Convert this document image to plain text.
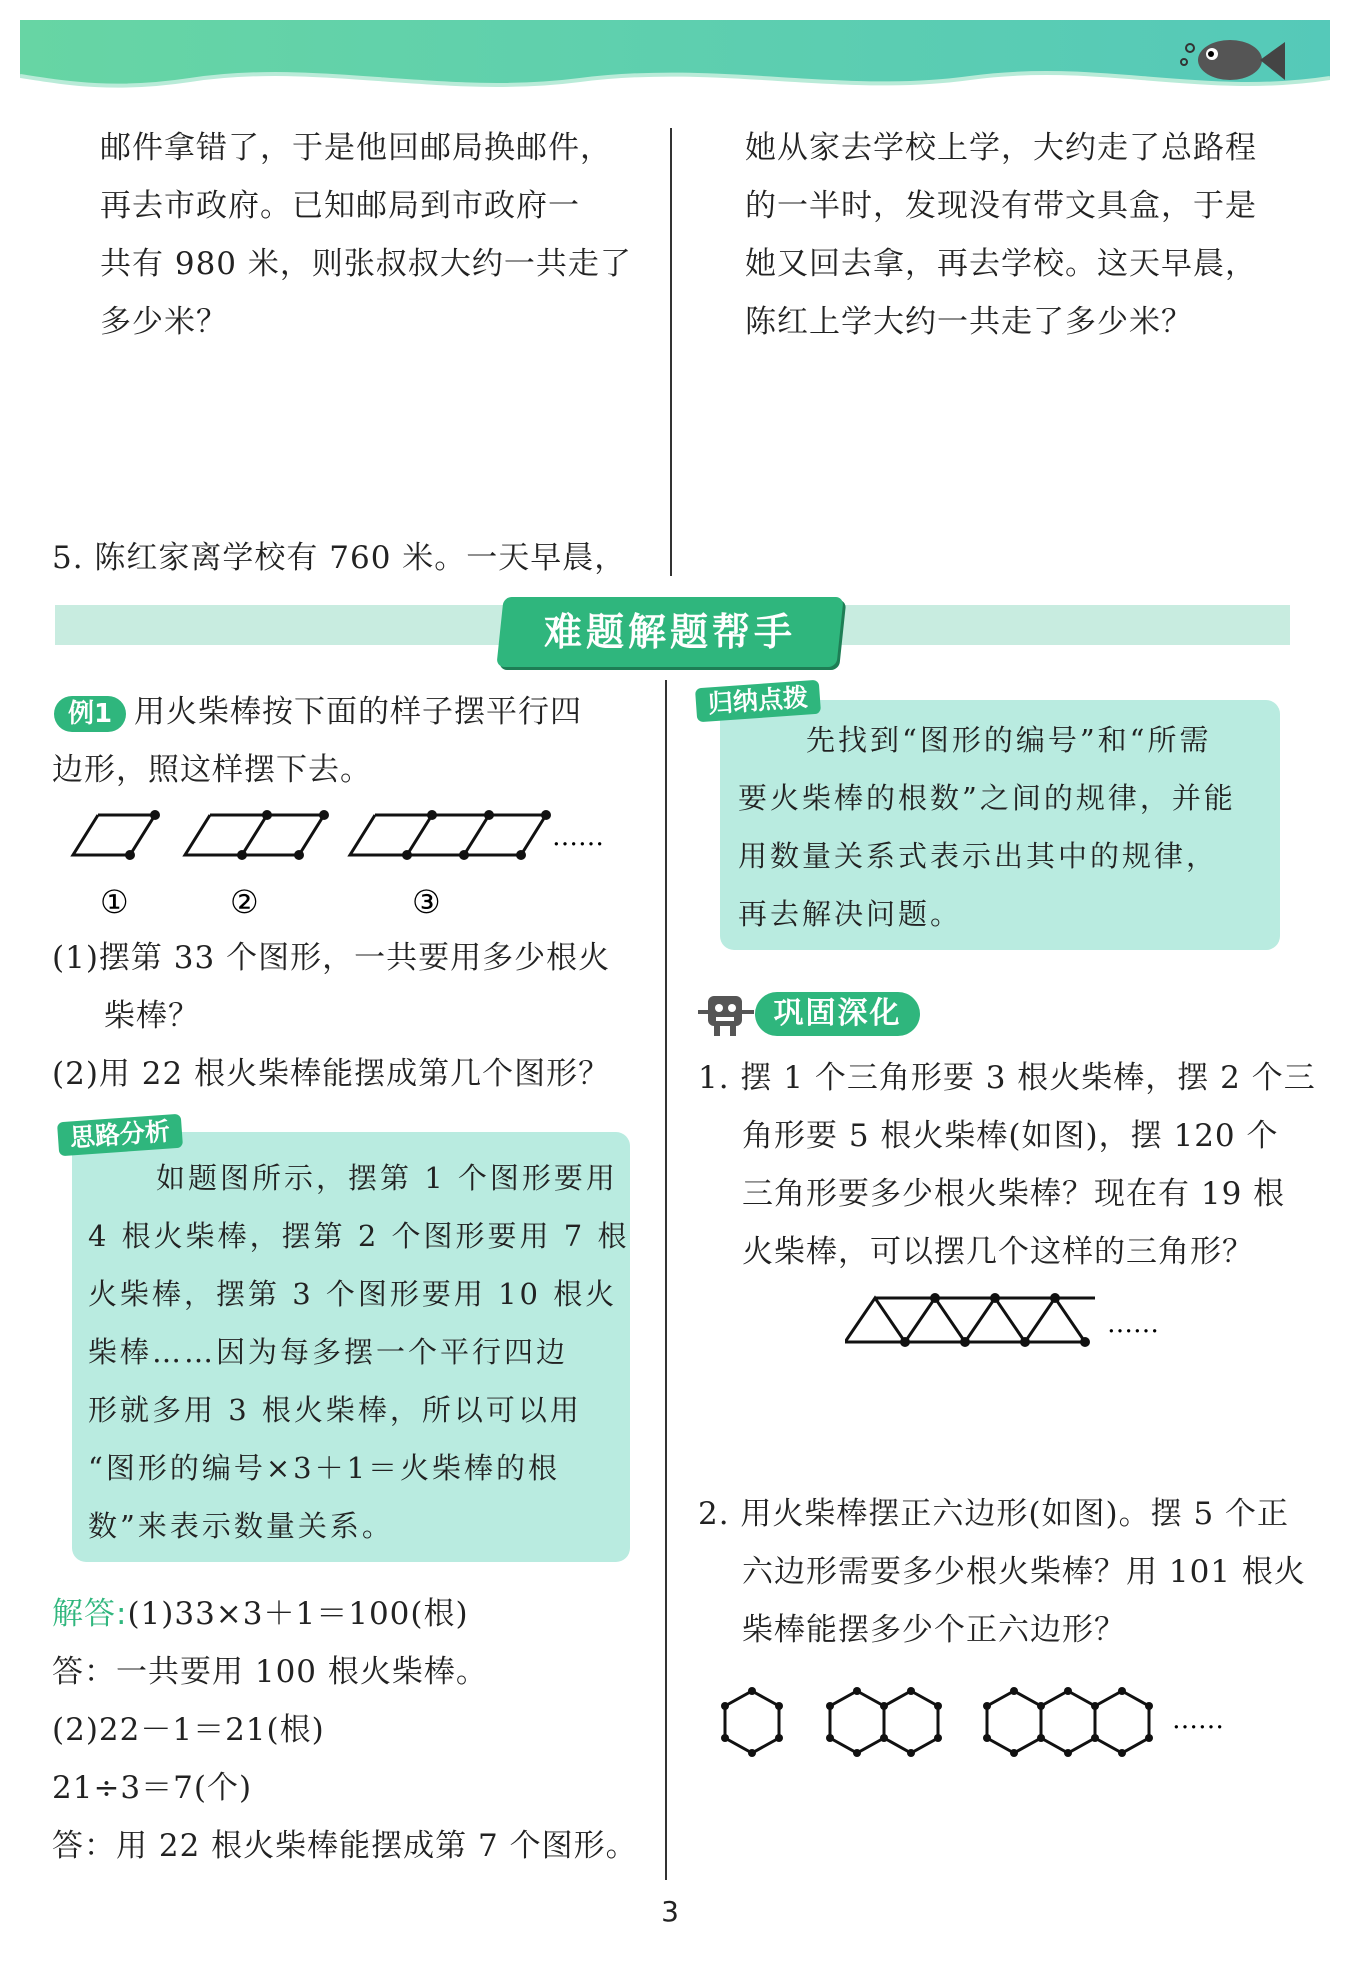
邮件拿错了，于是他回邮局换邮件，
再去市政府。已知邮局到市政府一
共有 980 米，则张叔叔大约一共走了
多少米？
5. 陈红家离学校有 760 米。一天早晨，
她从家去学校上学，大约走了总路程
的一半时，发现没有带文具盒，于是
她又回去拿，再去学校。这天早晨，
陈红上学大约一共走了多少米？
难题解题帮手
例1 用火柴棒按下面的样子摆平行四
边形，照这样摆下去。
……
①	②	③
(1)摆第 33 个图形，一共要用多少根火
柴棒？
(2)用 22 根火柴棒能摆成第几个图形？
思路分析
如题图所示，摆第 1 个图形要用
4 根火柴棒，摆第 2 个图形要用 7 根
火柴棒，摆第 3 个图形要用 10 根火
柴棒……因为每多摆一个平行四边
形就多用 3 根火柴棒，所以可以用
“图形的编号×3＋1＝火柴棒的根
数”来表示数量关系。
解答:(1)33×3＋1＝100(根)
答：一共要用 100 根火柴棒。
(2)22－1＝21(根)
21÷3＝7(个)
答：用 22 根火柴棒能摆成第 7 个图形。
归纳点拨
先找到“图形的编号”和“所需
要火柴棒的根数”之间的规律，并能
用数量关系式表示出其中的规律，
再去解决问题。
巩固深化
1. 摆 1 个三角形要 3 根火柴棒，摆 2 个三
角形要 5 根火柴棒(如图)，摆 120 个
三角形要多少根火柴棒？现在有 19 根
火柴棒，可以摆几个这样的三角形？
……
2. 用火柴棒摆正六边形(如图)。摆 5 个正
六边形需要多少根火柴棒？用 101 根火
柴棒能摆多少个正六边形？
……
3
